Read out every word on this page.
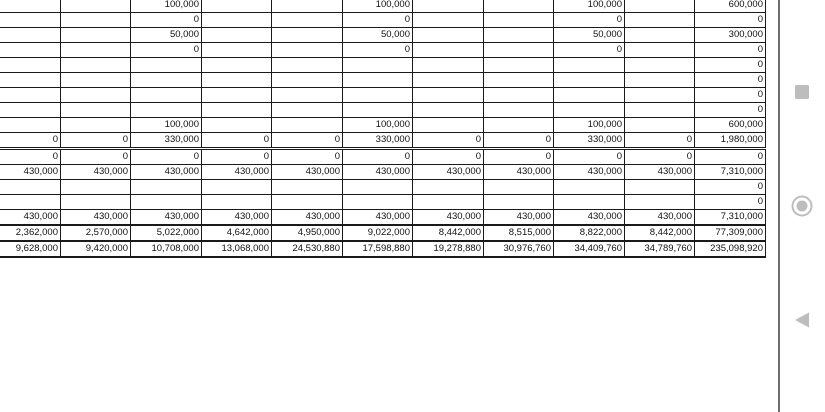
		100,000			100,000			100,000		600,000
		0			0			0		0
		50,000			50,000			50,000		300,000
		0			0			0		0
										0
										0
										0
										0
		100,000			100,000			100,000		600,000
0	0	330,000	0	0	330,000	0	0	330,000	0	1,980,000
0	0	0	0	0	0	0	0	0	0	0
430,000	430,000	430,000	430,000	430,000	430,000	430,000	430,000	430,000	430,000	7,310,000
										0
										0
430,000	430,000	430,000	430,000	430,000	430,000	430,000	430,000	430,000	430,000	7,310,000
2,362,000	2,570,000	5,022,000	4,642,000	4,950,000	9,022,000	8,442,000	8,515,000	8,822,000	8,442,000	77,309,000
9,628,000	9,420,000	10,708,000	13,068,000	24,530,880	17,598,880	19,278,880	30,976,760	34,409,760	34,789,760	235,098,920
